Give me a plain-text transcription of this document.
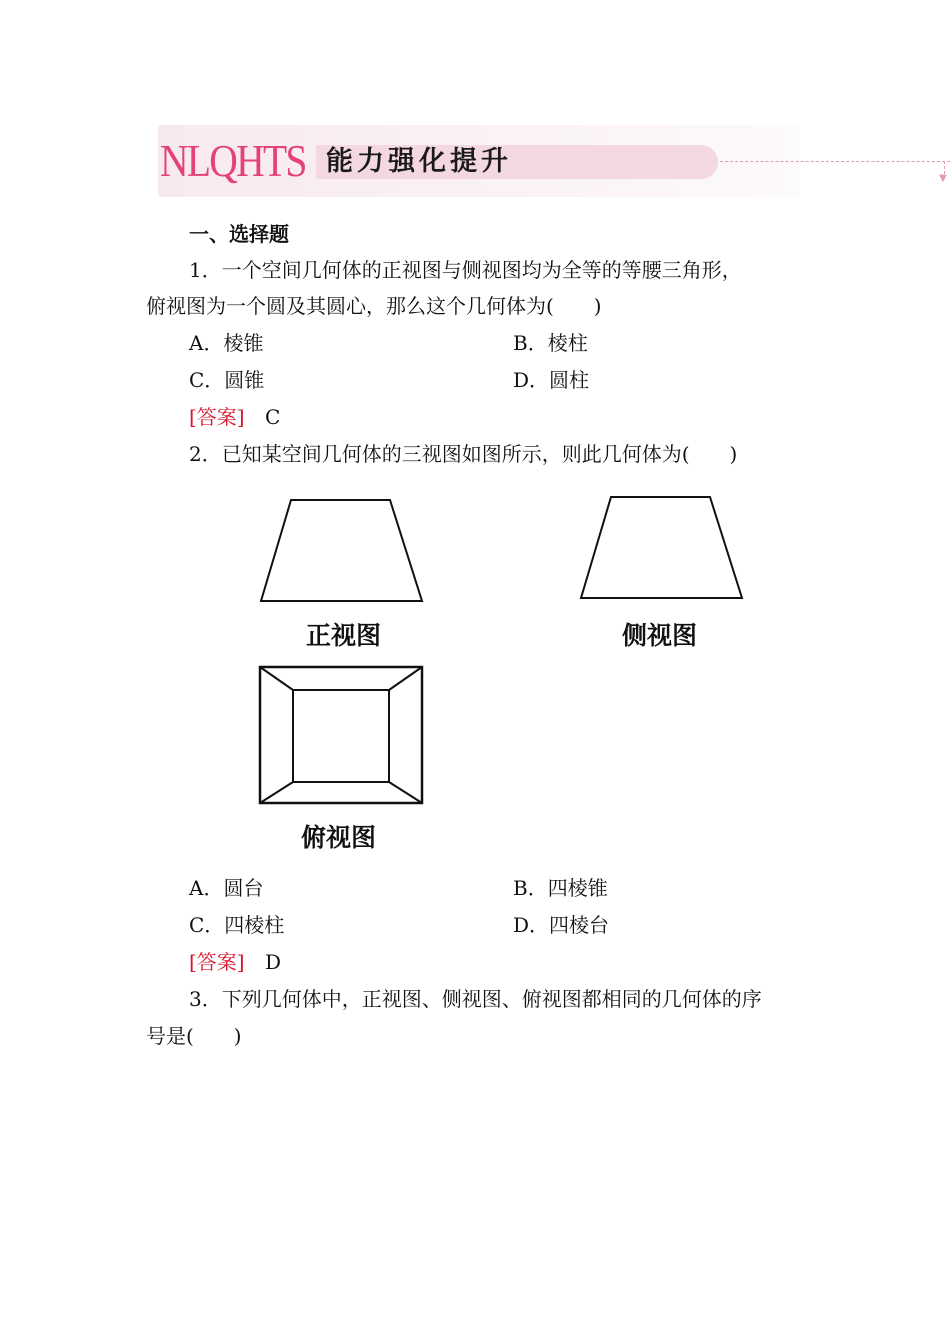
NLQHTS 能力强化提升
▼
一、选择题
1．一个空间几何体的正视图与侧视图均为全等的等腰三角形，
俯视图为一个圆及其圆心，那么这个几何体为(　　)
A．棱锥	B．棱柱
C．圆锥	D．圆柱
[答案] C
2．已知某空间几何体的三视图如图所示，则此几何体为(　　)
正视图	侧视图
俯视图
A．圆台	B．四棱锥
C．四棱柱	D．四棱台
[答案] D
3．下列几何体中，正视图、侧视图、俯视图都相同的几何体的序
号是(　　)
